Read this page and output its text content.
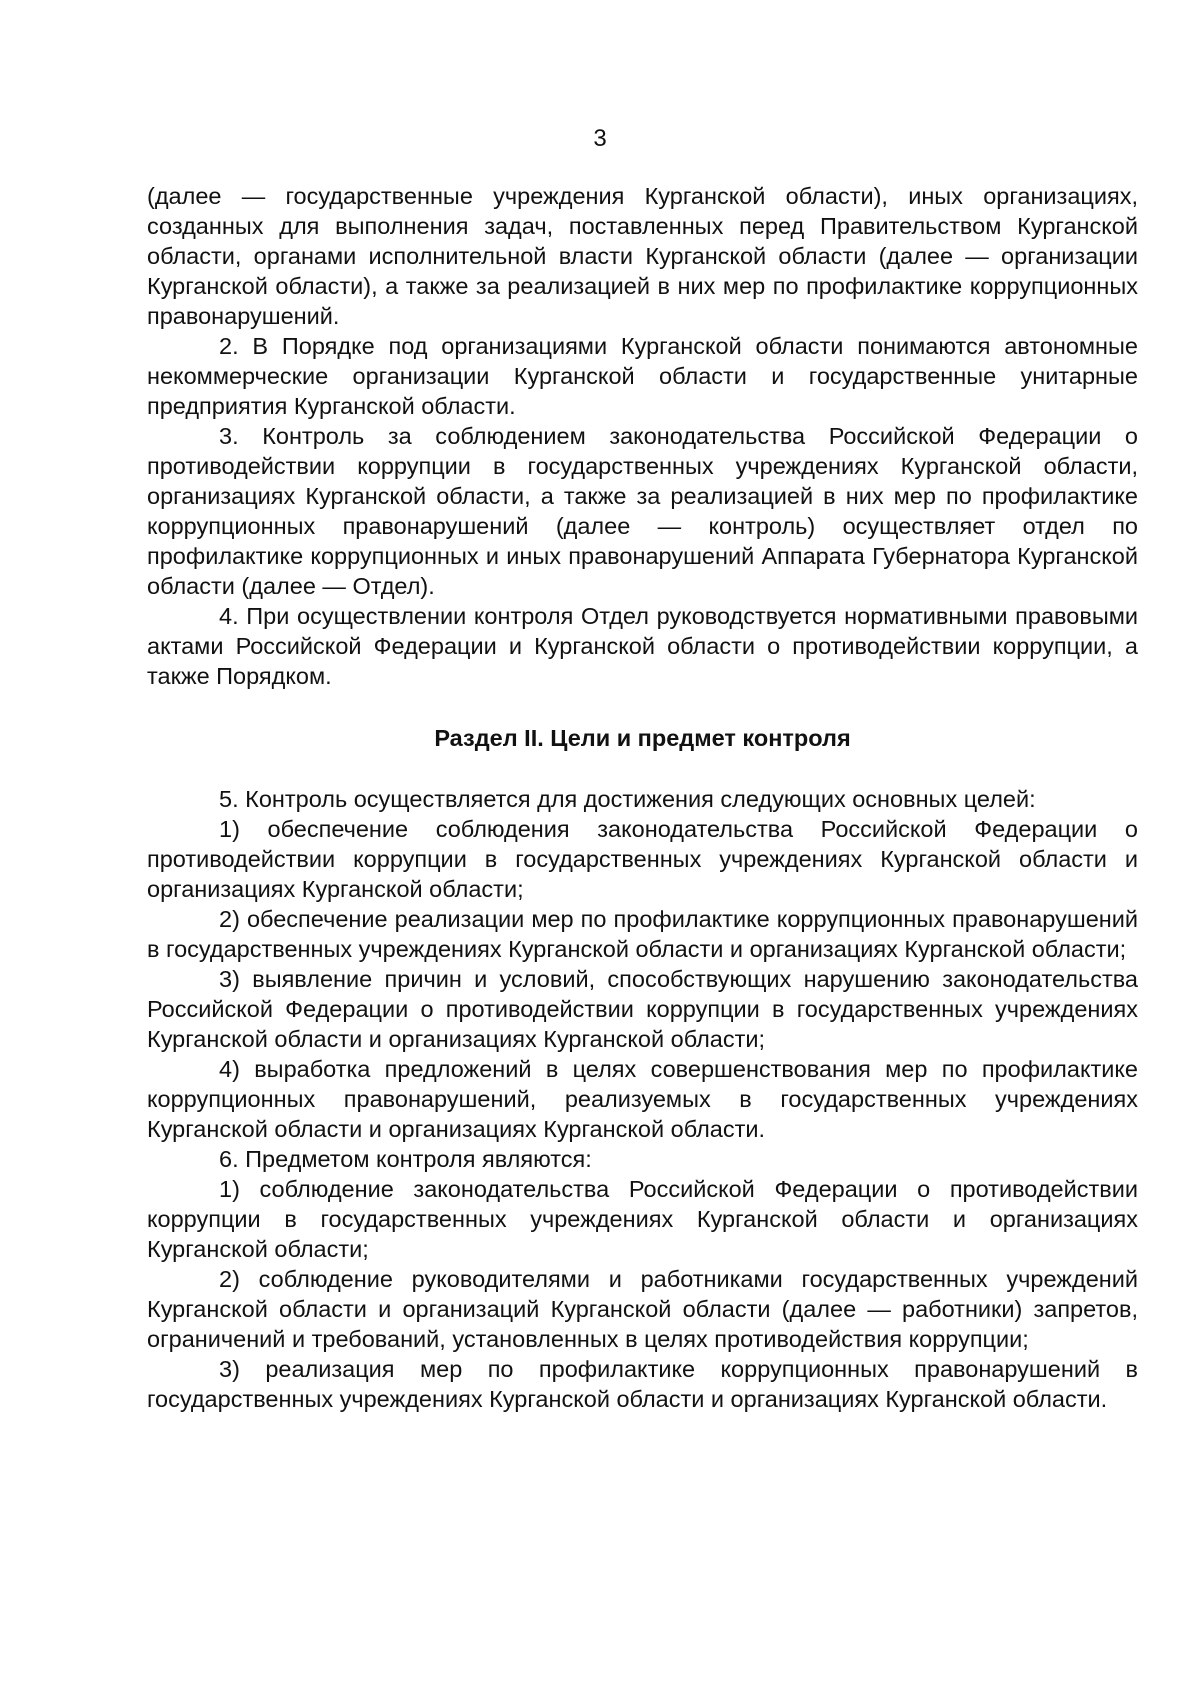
3

(далее — государственные учреждения Курганской области), иных организациях, созданных для выполнения задач, поставленных перед Правительством Курганской области, органами исполнительной власти Курганской области (далее — организации Курганской области), а также за реализацией в них мер по профилактике коррупционных правонарушений.

2. В Порядке под организациями Курганской области понимаются автономные некоммерческие организации Курганской области и государственные унитарные предприятия Курганской области.

3. Контроль за соблюдением законодательства Российской Федерации о противодействии коррупции в государственных учреждениях Курганской области, организациях Курганской области, а также за реализацией в них мер по профилактике коррупционных правонарушений (далее — контроль) осуществляет отдел по профилактике коррупционных и иных правонарушений Аппарата Губернатора Курганской области (далее — Отдел).

4. При осуществлении контроля Отдел руководствуется нормативными правовыми актами Российской Федерации и Курганской области о противодействии коррупции, а также Порядком.

Раздел II. Цели и предмет контроля

5. Контроль осуществляется для достижения следующих основных целей:

1) обеспечение соблюдения законодательства Российской Федерации о противодействии коррупции в государственных учреждениях Курганской области и организациях Курганской области;

2) обеспечение реализации мер по профилактике коррупционных правонарушений в государственных учреждениях Курганской области и организациях Курганской области;

3) выявление причин и условий, способствующих нарушению законодательства Российской Федерации о противодействии коррупции в государственных учреждениях Курганской области и организациях Курганской области;

4) выработка предложений в целях совершенствования мер по профилактике коррупционных правонарушений, реализуемых в государственных учреждениях Курганской области и организациях Курганской области.

6. Предметом контроля являются:

1) соблюдение законодательства Российской Федерации о противодействии коррупции в государственных учреждениях Курганской области и организациях Курганской области;

2) соблюдение руководителями и работниками государственных учреждений Курганской области и организаций Курганской области (далее — работники) запретов, ограничений и требований, установленных в целях противодействия коррупции;

3) реализация мер по профилактике коррупционных правонарушений в государственных учреждениях Курганской области и организациях Курганской области.
